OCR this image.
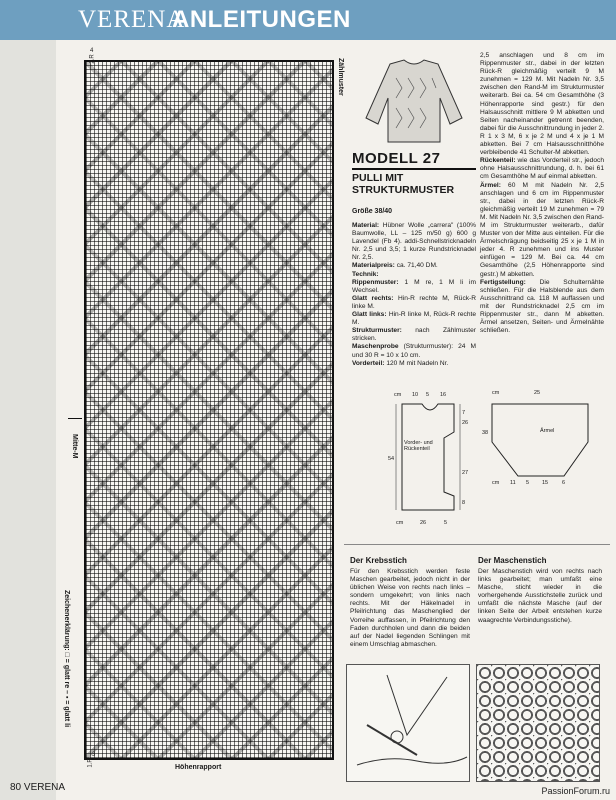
VERENA
ANLEITUNGEN
4
2.R
1.R
3
Zählmuster
Mitte-M
Zeichenerklärung: □ = glatt re – ▪ = glatt li
Höhenrapport
MODELL 27
PULLI MIT STRUKTURMUSTER
Größe 38/40
Material: Hübner Wolle „carrera" (100% Baumwolle, LL – 125 m/50 g) 600 g Lavendel (Fb 4). addi-Schnellstricknadeln Nr. 2,5 und 3,5; 1 kurze Rundstricknadel Nr. 2,5.
Materialpreis: ca. 71,40 DM.
Technik:
Rippenmuster: 1 M re, 1 M li im Wechsel.
Glatt rechts: Hin-R rechte M, Rück-R linke M.
Glatt links: Hin-R linke M, Rück-R rechte M.
Strukturmuster: nach Zählmuster stricken.
Maschenprobe (Strukturmuster): 24 M und 30 R = 10 x 10 cm.
Vorderteil: 120 M mit Nadeln Nr.
2,5 anschlagen und 8 cm im Rippenmuster str., dabei in der letzten Rück-R gleichmäßig verteilt 9 M zunehmen = 129 M. Mit Nadeln Nr. 3,5 zwischen den Rand-M im Strukturmuster weiterarb. Bei ca. 54 cm Gesamthöhe (3 Höhenrapporte sind gestr.) für den Halsausschnitt mittlere 9 M abketten und Seiten nacheinander getrennt beenden, dabei für die Ausschnittrundung in jeder 2. R 1 x 3 M, 6 x je 2 M und 4 x je 1 M abketten. Bei 7 cm Halsausschnitthöhe verbleibende 41 Schulter-M abketten.
Rückenteil: wie das Vorderteil str., jedoch ohne Halsausschnittrundung, d. h. bei 61 cm Gesamthöhe M auf einmal abketten.
Ärmel: 60 M mit Nadeln Nr. 2,5 anschlagen und 6 cm im Rippenmuster str., dabei in der letzten Rück-R gleichmäßig verteilt 19 M zunehmen = 79 M. Mit Nadeln Nr. 3,5 zwischen den Rand-M im Strukturmuster weiterarb., dafür Muster von der Mitte aus einteilen. Für die Ärmelschrägung beidseitig 25 x je 1 M in jeder 4. R zunehmen und ins Muster einfügen = 129 M. Bei ca. 44 cm Gesamthöhe (2,5 Höhenrapporte sind gestr.) M abketten.
Fertigstellung: Die Schulternähte schließen. Für die Halsblende aus dem Ausschnittrand ca. 118 M auffassen und mit der Rundstricknadel 2,5 cm im Rippenmuster str., dann M abketten. Ärmel ansetzen, Seiten- und Ärmelnähte schließen.
cm 10 5 16
26
7
54
27
8
Vorder- und Rückenteil
cm	26	5
cm	25
38	Ärmel
cm 11 5 15	6
Der Krebsstich
Für den Krebsstich werden feste Maschen gearbeitet, jedoch nicht in der üblichen Weise von rechts nach links – sondern umgekehrt; von links nach rechts. Mit der Häkelnadel in Pfeilrichtung das Maschenglied der Vorreihe auffassen, in Pfeilrichtung den Faden durchholen und dann die beiden auf der Nadel liegenden Schlingen mit einem Umschlag abmaschen.
Der Maschenstich
Der Maschenstich wird von rechts nach links gearbeitet; man umfaßt eine Masche, sticht wieder in die vorhergehende Ausstichstelle zurück und umfaßt die nächste Masche (auf der linken Seite der Arbeit entstehen kurze waagrechte Verbindungsstiche).
80 VERENA	PassionForum.ru
